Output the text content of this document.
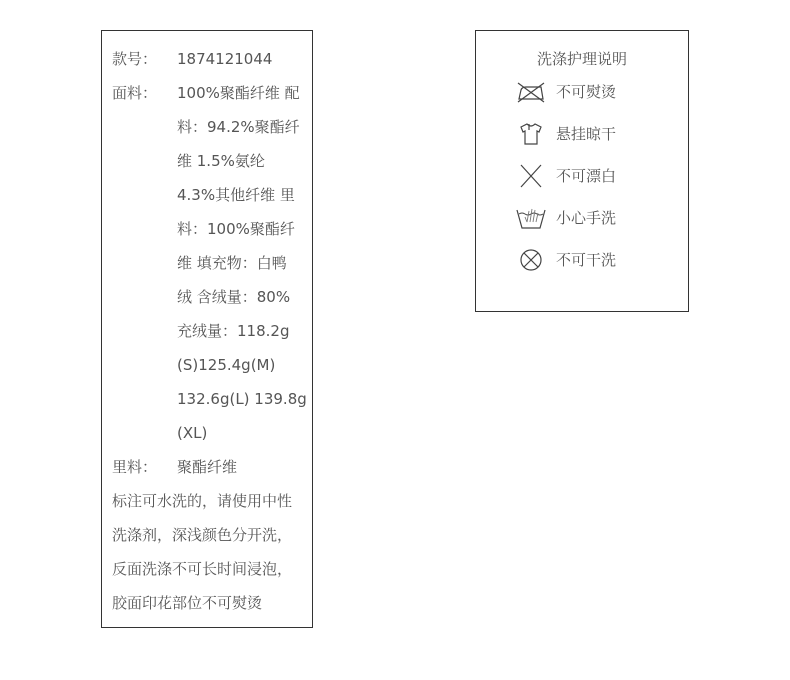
款号： 1874121044
面料： 100%聚酯纤维 配
料：94.2%聚酯纤
维 1.5%氨纶
4.3%其他纤维 里
料：100%聚酯纤
维 填充物：白鸭
绒 含绒量：80%
充绒量：118.2g
(S)125.4g(M)
132.6g(L) 139.8g
(XL)
里料： 聚酯纤维
标注可水洗的，请使用中性
洗涤剂，深浅颜色分开洗，
反面洗涤不可长时间浸泡，
胶面印花部位不可熨烫
洗涤护理说明
不可熨烫
悬挂晾干
不可漂白
小心手洗
不可干洗
